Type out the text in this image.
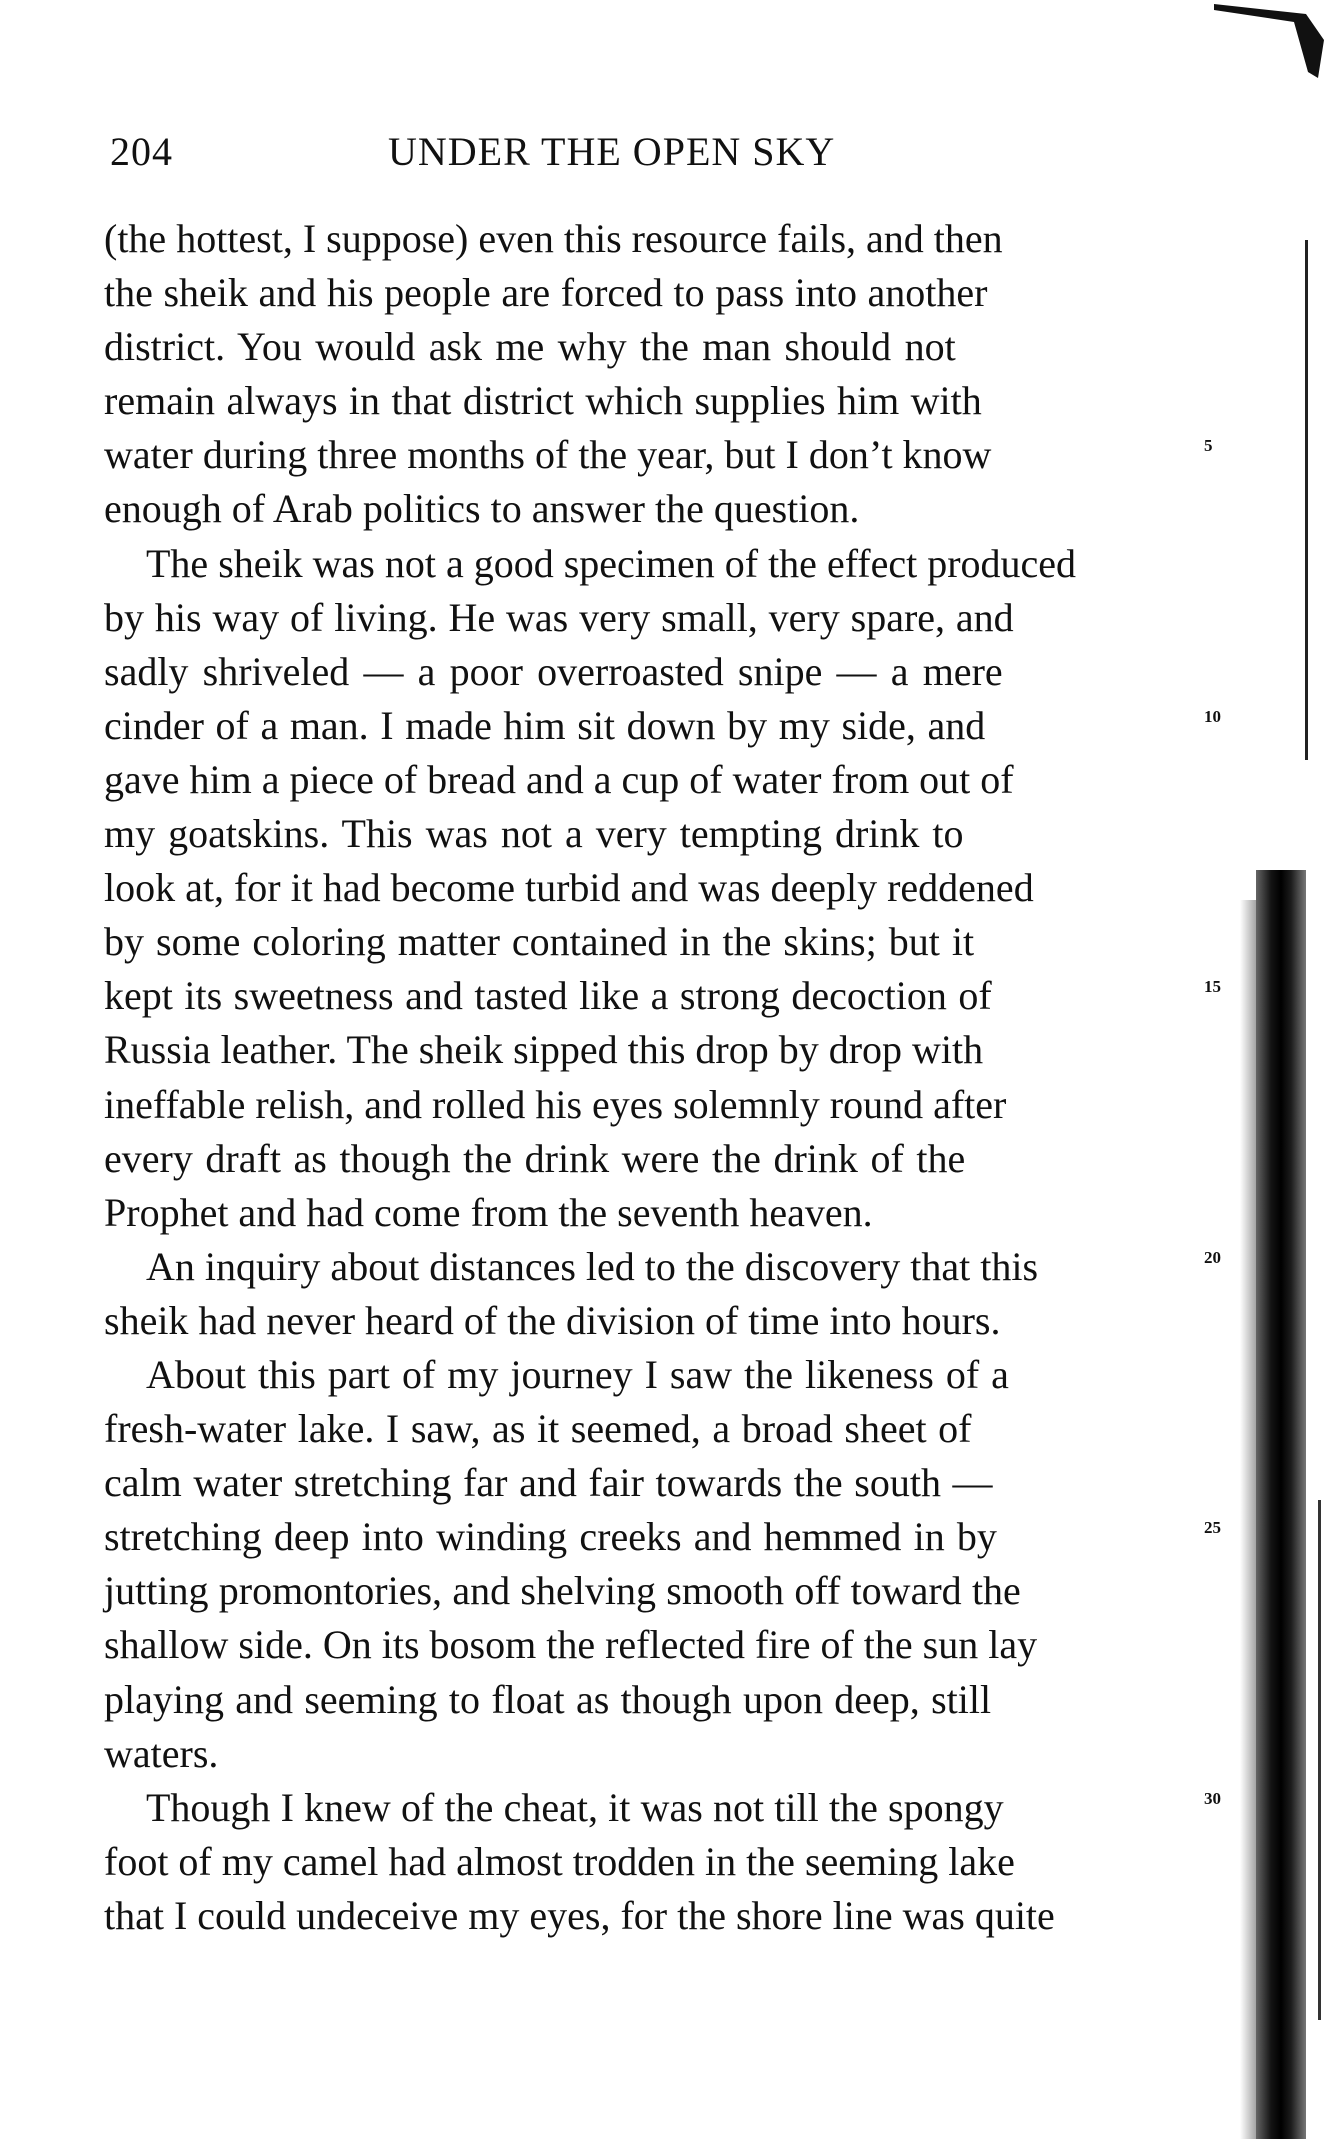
204	UNDER THE OPEN SKY
(the hottest, I suppose) even this resource fails, and then
the sheik and his people are forced to pass into another
district. You would ask me why the man should not
remain always in that district which supplies him with
water during three months of the year, but I don’t know	5
enough of Arab politics to answer the question.
The sheik was not a good specimen of the effect produced
by his way of living. He was very small, very spare, and
sadly shriveled — a poor overroasted snipe — a mere
cinder of a man. I made him sit down by my side, and	10
gave him a piece of bread and a cup of water from out of
my goatskins. This was not a very tempting drink to
look at, for it had become turbid and was deeply reddened
by some coloring matter contained in the skins; but it
kept its sweetness and tasted like a strong decoction of	15
Russia leather. The sheik sipped this drop by drop with
ineffable relish, and rolled his eyes solemnly round after
every draft as though the drink were the drink of the
Prophet and had come from the seventh heaven.
An inquiry about distances led to the discovery that this	20
sheik had never heard of the division of time into hours.
About this part of my journey I saw the likeness of a
fresh-water lake. I saw, as it seemed, a broad sheet of
calm water stretching far and fair towards the south —
stretching deep into winding creeks and hemmed in by	25
jutting promontories, and shelving smooth off toward the
shallow side. On its bosom the reflected fire of the sun lay
playing and seeming to float as though upon deep, still
waters.
Though I knew of the cheat, it was not till the spongy	30
foot of my camel had almost trodden in the seeming lake
that I could undeceive my eyes, for the shore line was quite
